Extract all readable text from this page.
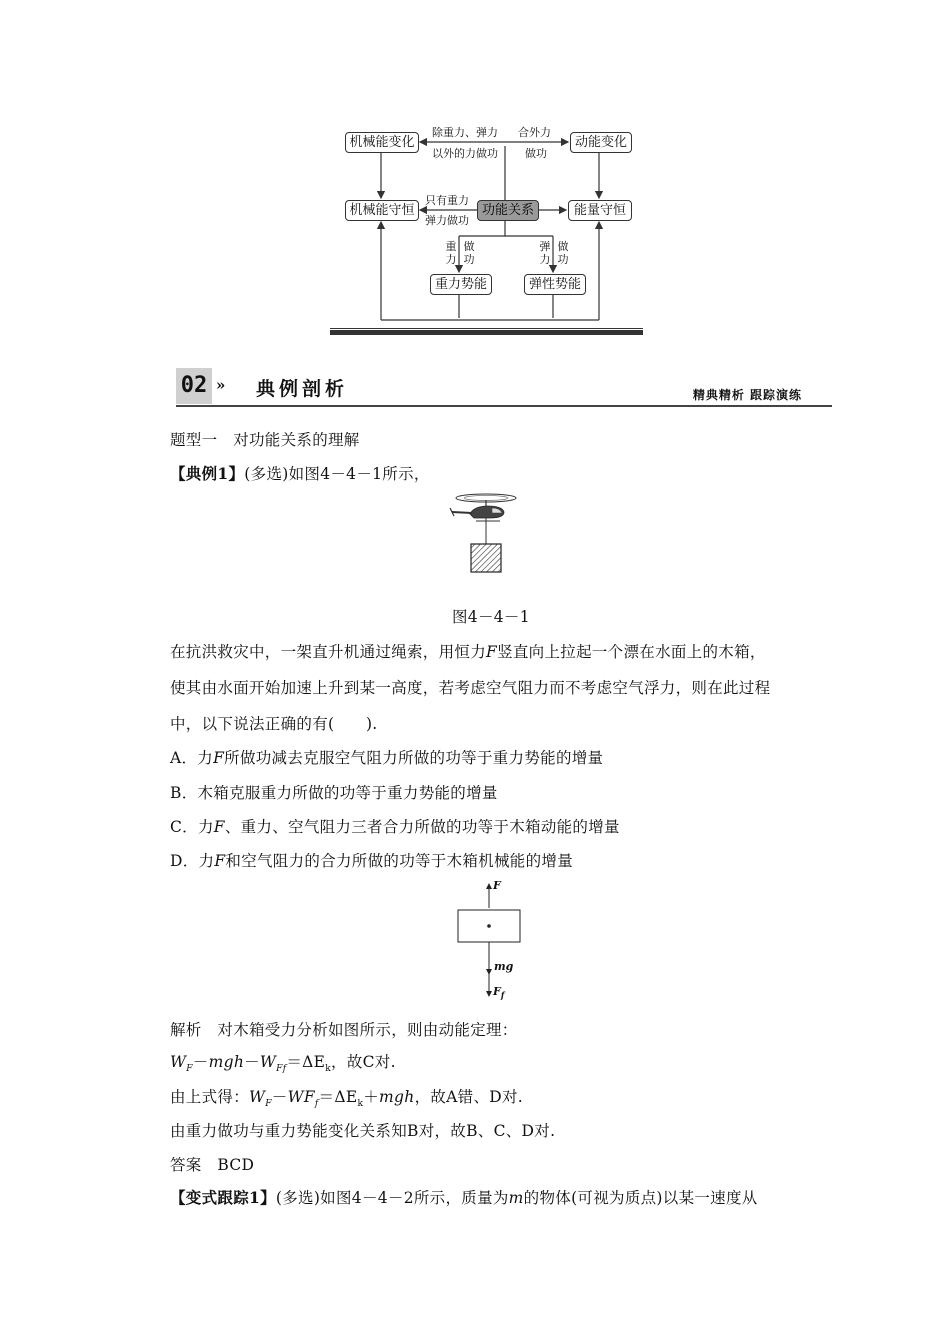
机械能变化	动能变化
机械能守恒	功能关系	能量守恒
重力势能	弹性势能
除重力、弹力
以外的力做功
合外力
做功
只有重力
弹力做功
重
力
做
功
弹
力
做
功
02 » 典例剖析	精典精析 跟踪演练
题型一　对功能关系的理解
【典例1】(多选)如图4－4－1所示，
图4－4－1
在抗洪救灾中，一架直升机通过绳索，用恒力F竖直向上拉起一个漂在水面上的木箱，
使其由水面开始加速上升到某一高度，若考虑空气阻力而不考虑空气浮力，则在此过程
中，以下说法正确的有(　　).
A．力F所做功减去克服空气阻力所做的功等于重力势能的增量
B．木箱克服重力所做的功等于重力势能的增量
C．力F、重力、空气阻力三者合力所做的功等于木箱动能的增量
D．力F和空气阻力的合力所做的功等于木箱机械能的增量
F
mg
$F_f$
解析　对木箱受力分析如图所示，则由动能定理：
$W_F-mgh-W_{Ff}=\Delta E_k$，故C对.
由上式得：$W_F-WF_f=\Delta E_k+mgh$，故A错、D对.
由重力做功与重力势能变化关系知B对，故B、C、D对.
答案　BCD
【变式跟踪1】(多选)如图4－4－2所示，质量为m的物体(可视为质点)以某一速度从
